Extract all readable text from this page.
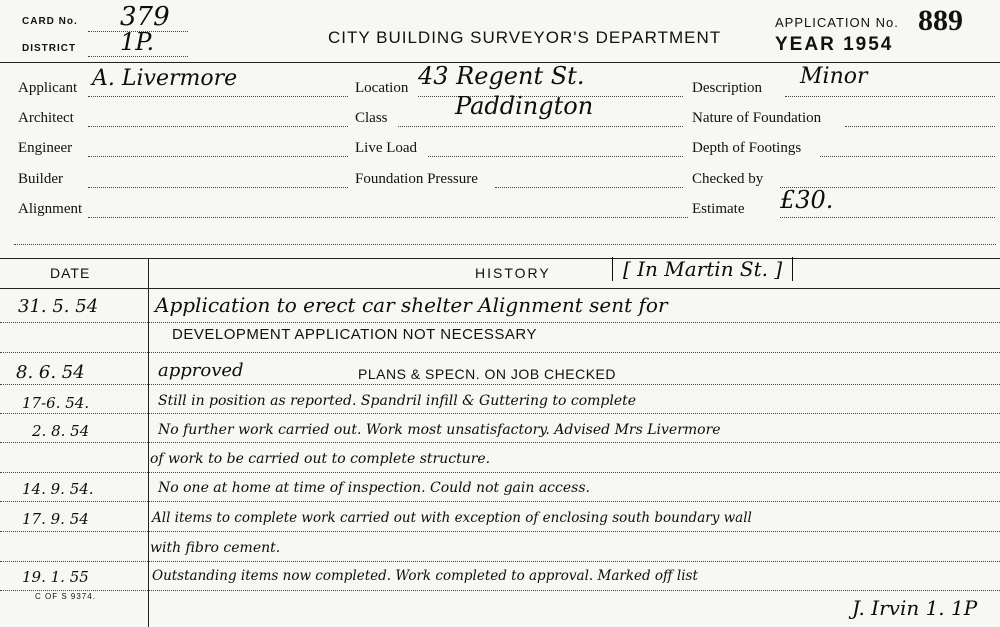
CARD No. 379
DISTRICT 1P.	CITY BUILDING SURVEYOR'S DEPARTMENT
APPLICATION No. 889
YEAR 1954
Applicant A. Livermore
Architect
Engineer
Builder
Alignment
Location 43 Regent St.
Class	Paddington
Live Load
Foundation Pressure
Description Minor
Nature of Foundation
Depth of Footings
Checked by
Estimate £30.
DATE	HISTORY	[ In Martin St. ]
31. 5. 54	Application to erect car shelter Alignment sent for
DEVELOPMENT APPLICATION NOT NECESSARY
8. 6. 54	approved	PLANS & SPECN. ON JOB CHECKED
17-6. 54.	Still in position as reported. Spandril infill & Guttering to complete
2. 8. 54	No further work carried out. Work most unsatisfactory. Advised Mrs Livermore
of work to be carried out to complete structure.
14. 9. 54.	No one at home at time of inspection. Could not gain access.
17. 9. 54	All items to complete work carried out with exception of enclosing south boundary wall
with fibro cement.
19. 1. 55	Outstanding items now completed. Work completed to approval. Marked off list
C OF S 9374.	J. Irvin 1. 1P
